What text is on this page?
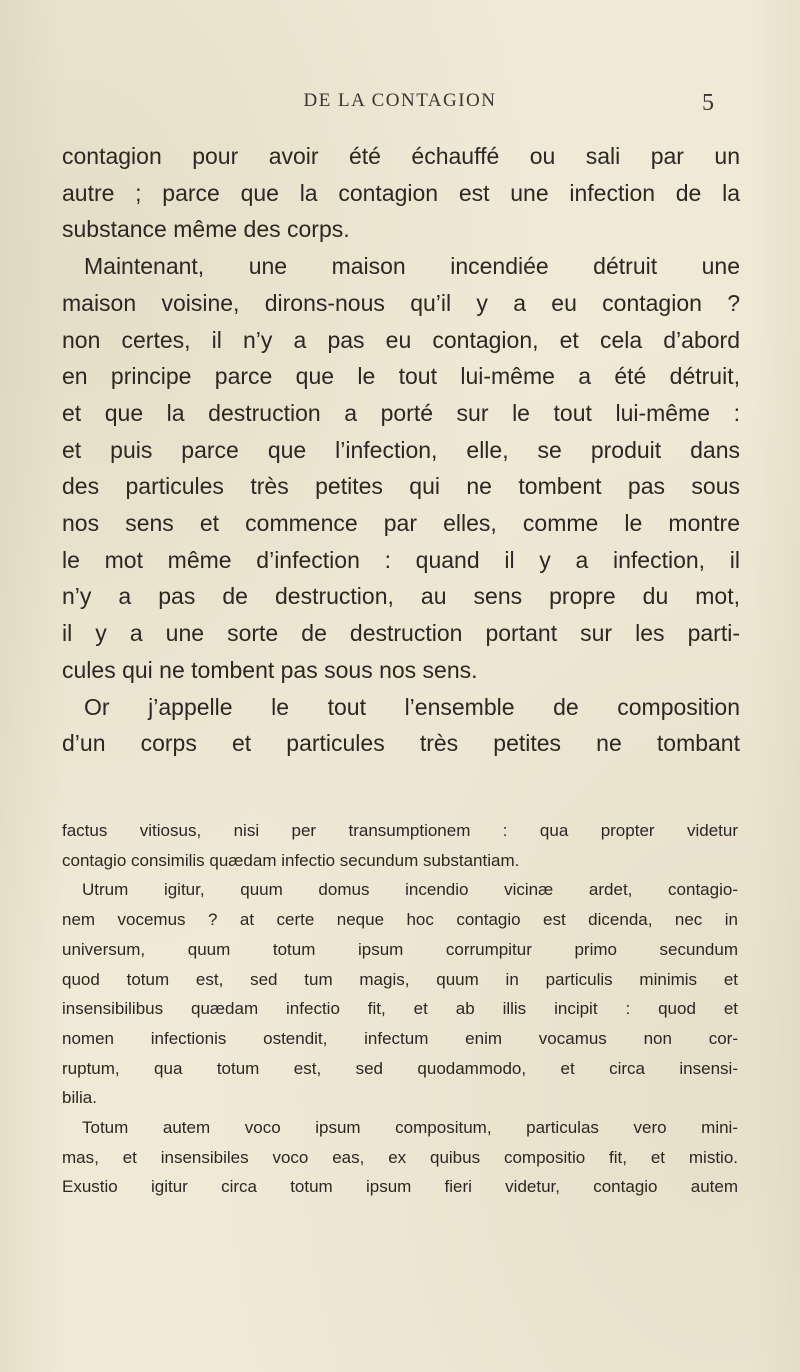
DE LA CONTAGION	5
contagion pour avoir été échauffé ou sali par un
autre ; parce que la contagion est une infection de la
substance même des corps.
Maintenant, une maison incendiée détruit une
maison voisine, dirons-nous qu’il y a eu contagion ?
non certes, il n’y a pas eu contagion, et cela d’abord
en principe parce que le tout lui-même a été détruit,
et que la destruction a porté sur le tout lui-même :
et puis parce que l’infection, elle, se produit dans
des particules très petites qui ne tombent pas sous
nos sens et commence par elles, comme le montre
le mot même d’infection : quand il y a infection, il
n’y a pas de destruction, au sens propre du mot,
il y a une sorte de destruction portant sur les parti-
cules qui ne tombent pas sous nos sens.
Or j’appelle le tout l’ensemble de composition
d’un corps et particules très petites ne tombant
factus vitiosus, nisi per transumptionem : qua propter videtur
contagio consimilis quædam infectio secundum substantiam.
Utrum igitur, quum domus incendio vicinæ ardet, contagio-
nem vocemus ? at certe neque hoc contagio est dicenda, nec in
universum, quum totum ipsum corrumpitur primo secundum
quod totum est, sed tum magis, quum in particulis minimis et
insensibilibus quædam infectio fit, et ab illis incipit : quod et
nomen infectionis ostendit, infectum enim vocamus non cor-
ruptum, qua totum est, sed quodammodo, et circa insensi-
bilia.
Totum autem voco ipsum compositum, particulas vero mini-
mas, et insensibiles voco eas, ex quibus compositio fit, et mistio.
Exustio igitur circa totum ipsum fieri videtur, contagio autem
